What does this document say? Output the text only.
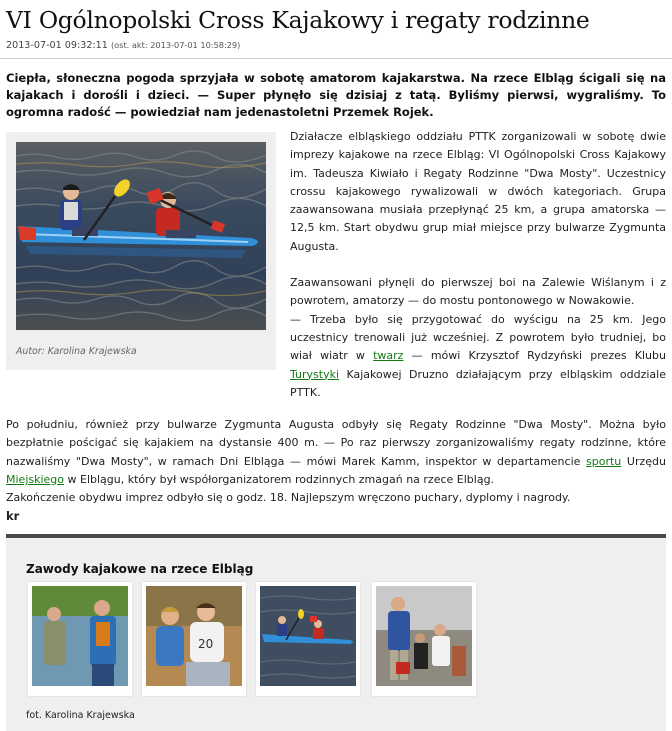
VI Ogólnopolski Cross Kajakowy i regaty rodzinne
2013-07-01 09:32:11 (ost. akt: 2013-07-01 10:58:29)
Ciepła, słoneczna pogoda sprzyjała w sobotę amatorom kajakarstwa. Na rzece Elbląg ścigali się na kajakach i dorośli i dzieci. — Super płynęło się dzisiaj z tatą. Byliśmy pierwsi, wygraliśmy. To ogromna radość — powiedział nam jedenastoletni Przemek Rojek.
Autor: Karolina Krajewska

Działacze elbląskiego oddziału PTTK zorganizowali w sobotę dwie imprezy kajakowe na rzece Elbląg: VI Ogólnopolski Cross Kajakowy im. Tadeusza Kiwiało i Regaty Rodzinne "Dwa Mosty". Uczestnicy crossu kajakowego rywalizowali w dwóch kategoriach. Grupa zaawansowana musiała przepłynąć 25 km, a grupa amatorska — 12,5 km. Start obydwu grup miał miejsce przy bulwarze Zygmunta Augusta.

Zaawansowani płynęli do pierwszej boi na Zalewie Wiślanym i z powrotem, amatorzy — do mostu pontonowego w Nowakowie.

— Trzeba było się przygotować do wyścigu na 25 km. Jego uczestnicy trenowali już wcześniej. Z powrotem było trudniej, bo wiał wiatr w twarz — mówi Krzysztof Rydzyński prezes Klubu Turystyki Kajakowej Druzno działającym przy elbląskim oddziale PTTK.

Po południu, również przy bulwarze Zygmunta Augusta odbyły się Regaty Rodzinne "Dwa Mosty". Można było bezpłatnie pościgać się kajakiem na dystansie 400 m. — Po raz pierwszy zorganizowaliśmy regaty rodzinne, które nazwaliśmy "Dwa Mosty", w ramach Dni Elbląga — mówi Marek Kamm, inspektor w departamencie sportu Urzędu Miejskiego w Elblągu, który był współorganizatorem rodzinnych zmagań na rzece Elbląg.

Zakończenie obydwu imprez odbyło się o godz. 18. Najlepszym wręczono puchary, dyplomy i nagrody.

kr

Zawody kajakowe na rzece Elbląg
20
fot. Karolina Krajewska
